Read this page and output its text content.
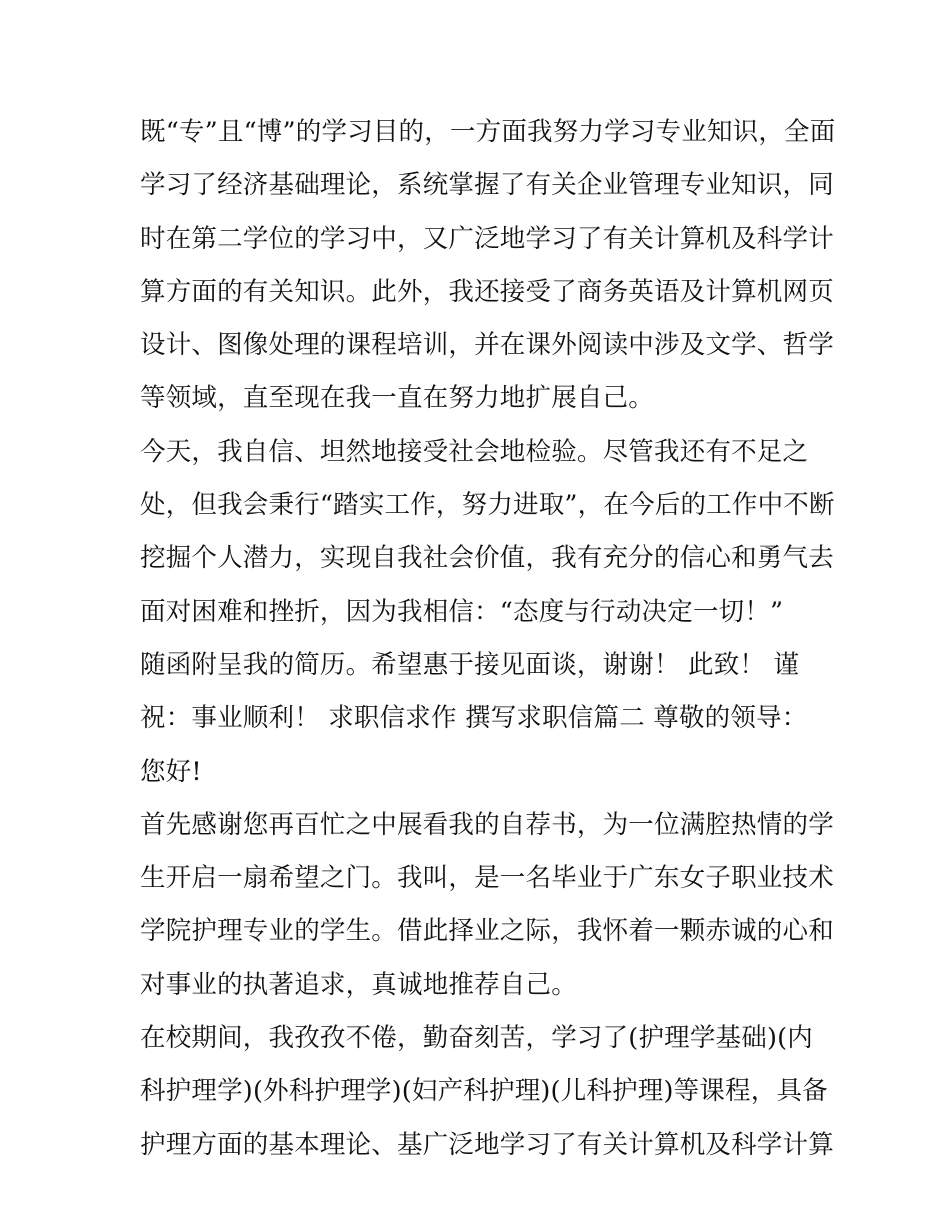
既“专”且“博”的学习目的，一方面我努力学习专业知识，全面
学习了经济基础理论，系统掌握了有关企业管理专业知识，同
时在第二学位的学习中，又广泛地学习了有关计算机及科学计
算方面的有关知识。此外，我还接受了商务英语及计算机网页
设计、图像处理的课程培训，并在课外阅读中涉及文学、哲学
等领域，直至现在我一直在努力地扩展自己。
今天，我自信、坦然地接受社会地检验。尽管我还有不足之
处，但我会秉行“踏实工作，努力进取”，在今后的工作中不断
挖掘个人潜力，实现自我社会价值，我有充分的信心和勇气去
面对困难和挫折，因为我相信：“态度与行动决定一切！”
随函附呈我的简历。希望惠于接见面谈，谢谢！ 此致！ 谨
祝：事业顺利！ 求职信求作 撰写求职信篇二 尊敬的领导：
您好!
首先感谢您再百忙之中展看我的自荐书，为一位满腔热情的学
生开启一扇希望之门。我叫，是一名毕业于广东女子职业技术
学院护理专业的学生。借此择业之际，我怀着一颗赤诚的心和
对事业的执著追求，真诚地推荐自己。
在校期间，我孜孜不倦，勤奋刻苦，学习了(护理学基础)(内
科护理学)(外科护理学)(妇产科护理)(儿科护理)等课程，具备
护理方面的基本理论、基广泛地学习了有关计算机及科学计算
